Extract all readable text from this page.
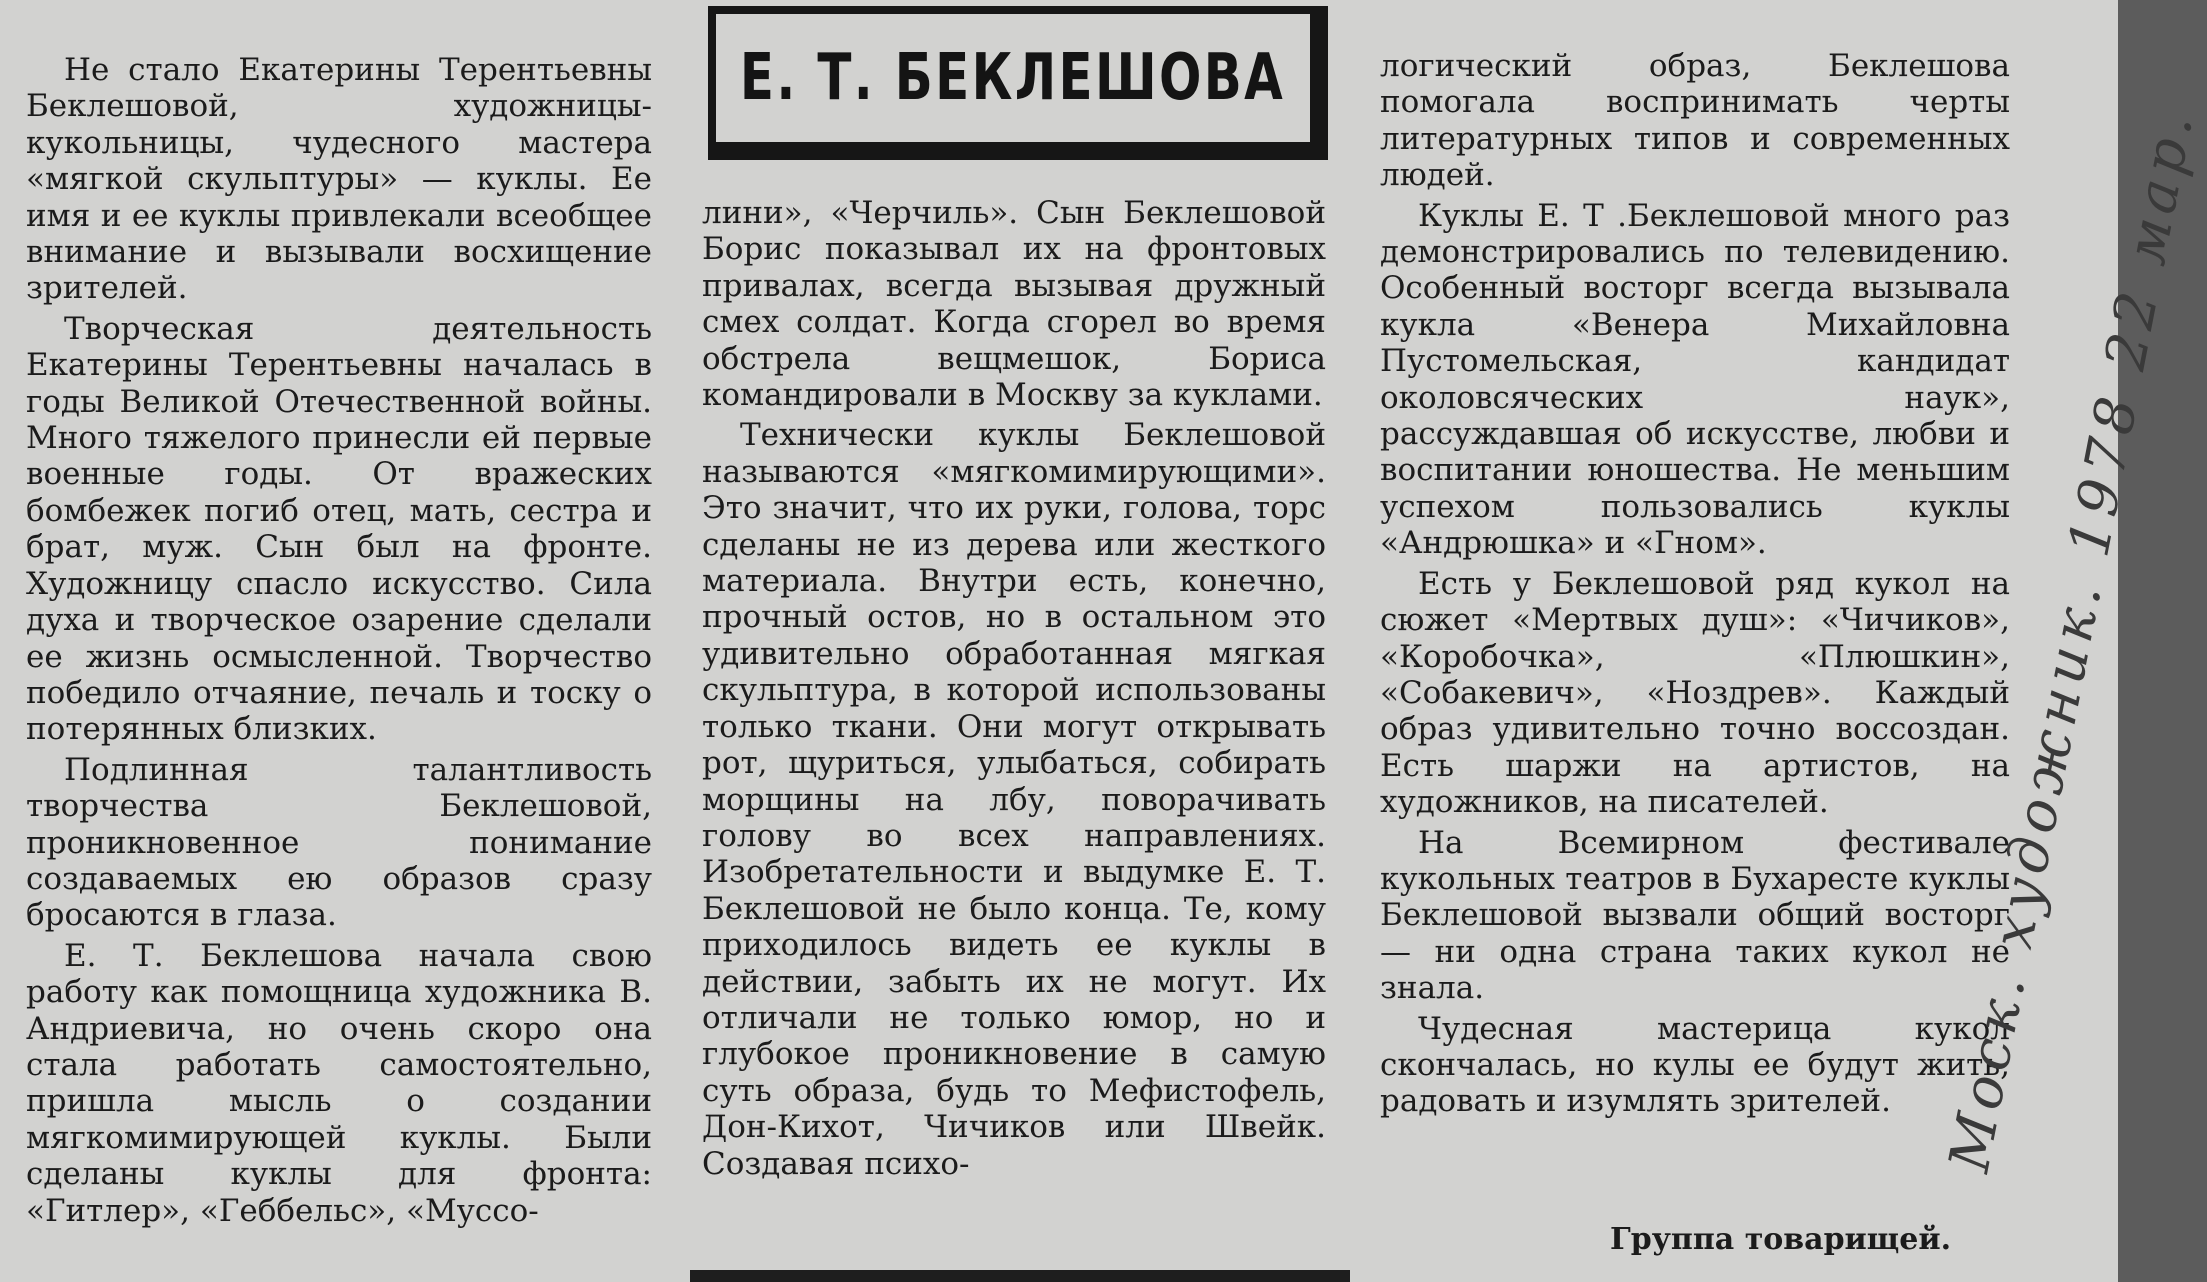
Е. Т. БЕКЛЕШОВА

Не стало Екатерины Терентьевны Беклешовой, художницы-кукольницы, чудесного мастера «мягкой скульптуры» — куклы. Ее имя и ее куклы привлекали всеобщее внимание и вызывали восхищение зрителей.

Творческая деятельность Екатерины Терентьевны началась в годы Великой Отечественной войны. Много тяжелого принесли ей первые военные годы. От вражеских бомбежек погиб отец, мать, сестра и брат, муж. Сын был на фронте. Художницу спасло искусство. Сила духа и творческое озарение сделали ее жизнь осмысленной. Творчество победило отчаяние, печаль и тоску о потерянных близких.

Подлинная талантливость творчества Беклешовой, проникновенное понимание создаваемых ею образов сразу бросаются в глаза.

Е. Т. Беклешова начала свою работу как помощница художника В. Андриевича, но очень скоро она стала работать самостоятельно, пришла мысль о создании мягкомимирующей куклы. Были сделаны куклы для фронта: «Гитлер», «Геббельс», «Муссо-

лини», «Черчиль». Сын Беклешовой Борис показывал их на фронтовых привалах, всегда вызывая дружный смех солдат. Когда сгорел во время обстрела вещмешок, Бориса командировали в Москву за куклами.

Технически куклы Беклешовой называются «мягкомимирующими». Это значит, что их руки, голова, торс сделаны не из дерева или жесткого материала. Внутри есть, конечно, прочный остов, но в остальном это удивительно обработанная мягкая скульптура, в которой использованы только ткани. Они могут открывать рот, щуриться, улыбаться, собирать морщины на лбу, поворачивать голову во всех направлениях. Изобретательности и выдумке Е. Т. Беклешовой не было конца. Те, кому приходилось видеть ее куклы в действии, забыть их не могут. Их отличали не только юмор, но и глубокое проникновение в самую суть образа, будь то Мефистофель, Дон-Кихот, Чичиков или Швейк. Создавая психо-

логический образ, Беклешова помогала воспринимать черты литературных типов и современных людей.

Куклы Е. Т .Беклешовой много раз демонстрировались по телевидению. Особенный восторг всегда вызывала кукла «Венера Михайловна Пустомельская, кандидат околовсяческих наук», рассуждавшая об искусстве, любви и воспитании юношества. Не меньшим успехом пользовались куклы «Андрюшка» и «Гном».

Есть у Беклешовой ряд кукол на сюжет «Мертвых душ»: «Чичиков», «Коробочка», «Плюшкин», «Собакевич», «Ноздрев». Каждый образ удивительно точно воссоздан. Есть шаржи на артистов, на художников, на писателей.

На Всемирном фестивале кукольных театров в Бухаресте куклы Беклешовой вызвали общий восторг — ни одна страна таких кукол не знала.

Чудесная мастерица кукол скончалась, но кулы ее будут жить, радовать и изумлять зрителей.

Группа товарищей.
Моск. художник. 1978 22 мар.
